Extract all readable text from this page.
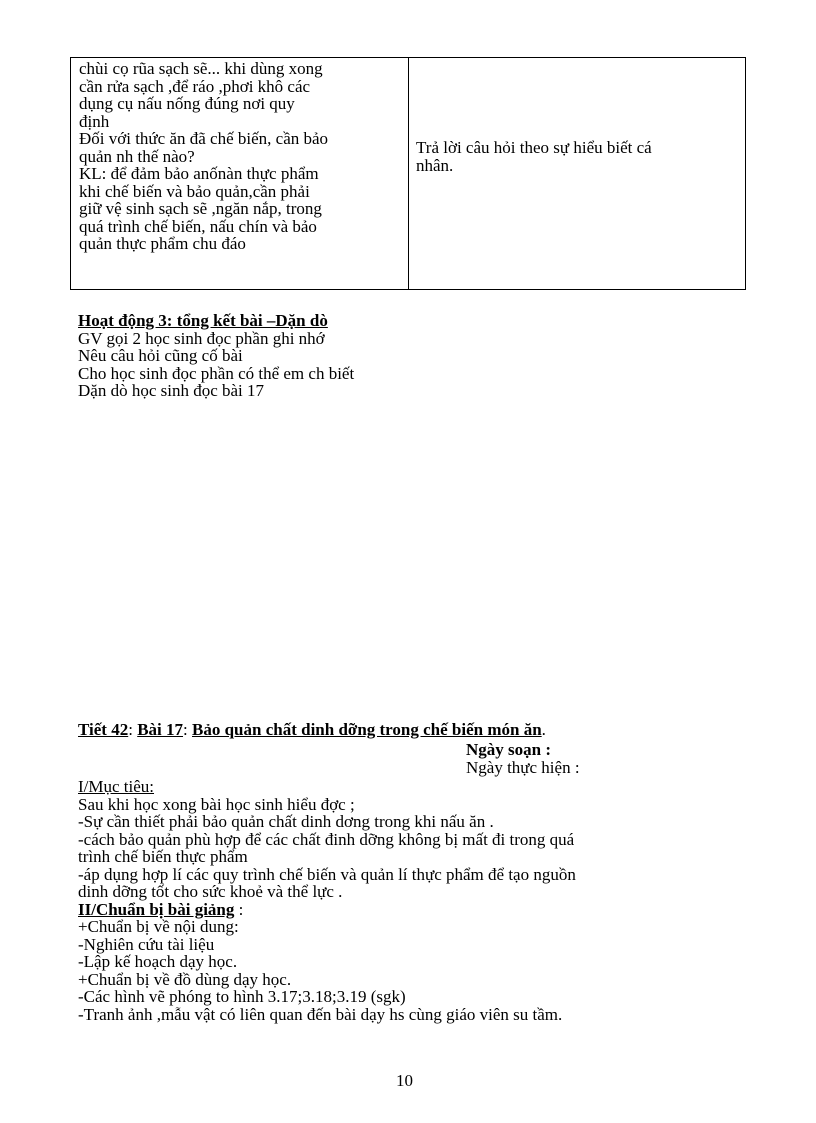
chùi cọ rũa sạch sẽ... khi dùng xong
cần rửa sạch ,để ráo ,phơi khô các
dụng cụ nấu nống đúng nơi quy
định
Đối với thức ăn đã chế biến, cần bảo
quản nh thế nào?
KL: để đảm bảo anốnàn thực phẩm
khi chế biến và bảo quản,cần phải
giữ vệ sinh sạch sẽ ,ngăn nắp, trong
quá trình chế biến, nấu chín và bảo
quản thực phẩm chu đáo
Trả lời câu hỏi theo sự hiểu biết cá
nhân.
Hoạt động 3: tổng kết bài –Dặn dò
GV gọi 2 học sinh đọc phần ghi nhớ
Nêu câu hỏi cũng cố bài
Cho học sinh đọc phần có thể em ch biết
Dặn dò học sinh đọc bài 17
Tiết 42: Bài 17: Bảo quản chất dinh dỡng trong chế biến món ăn.
Ngày soạn :
Ngày thực hiện :
I/Mục tiêu:
Sau khi học xong bài học sinh hiểu đợc ;
-Sự cần thiết phải bảo quản chất dinh dơng trong khi nấu ăn .
-cách bảo quản phù hợp để các chất đinh dỡng không bị mất đi trong quá
trình chế biến thực phẩm
-áp dụng hợp lí các quy trình chế biến và quản lí thực phẩm để tạo nguồn
dinh dỡng tốt cho sức khoẻ và thể lực .
II/Chuẩn bị bài giảng :
+Chuẩn bị về nội dung:
-Nghiên cứu tài liệu
-Lập kế hoạch dạy học.
+Chuẩn bị về đồ dùng dạy học.
-Các hình vẽ phóng to hình 3.17;3.18;3.19 (sgk)
-Tranh ảnh ,mẫu vật có liên quan đến bài dạy hs cùng giáo viên su tầm.
10
